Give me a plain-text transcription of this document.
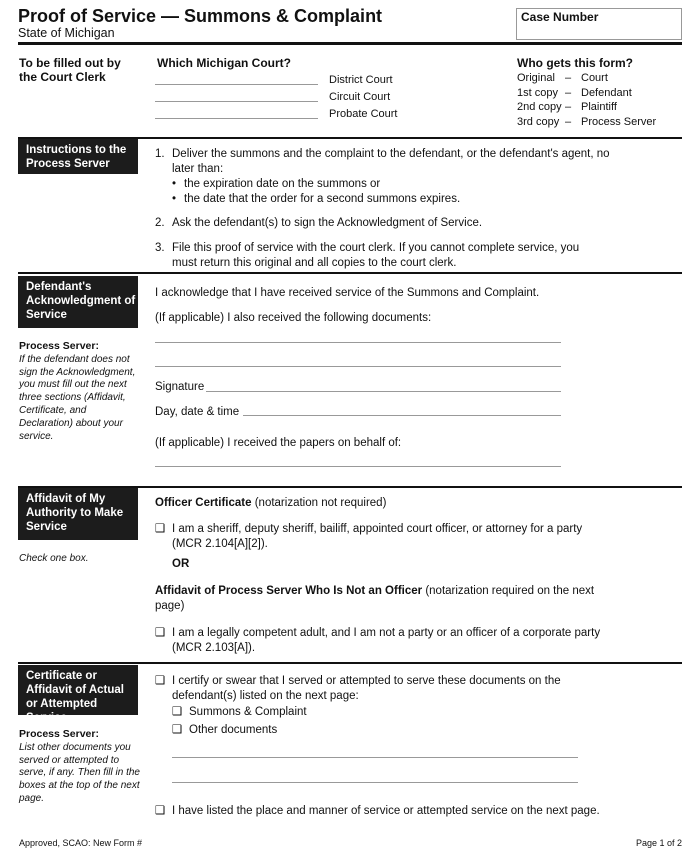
Proof of Service — Summons & Complaint
State of Michigan
Case Number
To be filled out by the Court Clerk
Which Michigan Court?
District Court
Circuit Court
Probate Court
Who gets this form?
Original	–	Court
1st copy	–	Defendant
2nd copy	–	Plaintiff
3rd copy	–	Process Server
Instructions to the Process Server
1. Deliver the summons and the complaint to the defendant, or the defendant's agent, no later than:
• the expiration date on the summons or
• the date that the order for a second summons expires.
2. Ask the defendant(s) to sign the Acknowledgment of Service.
3. File this proof of service with the court clerk. If you cannot complete service, you must return this original and all copies to the court clerk.
Defendant's Acknowledgment of Service
Process Server:
If the defendant does not sign the Acknowledgment, you must fill out the next three sections (Affidavit, Certificate, and Declaration) about your service.
I acknowledge that I have received service of the Summons and Complaint.
(If applicable) I also received the following documents:
Signature
Day, date & time
(If applicable) I received the papers on behalf of:
Affidavit of My Authority to Make Service
Check one box.
Officer Certificate (notarization not required)
❑ I am a sheriff, deputy sheriff, bailiff, appointed court officer, or attorney for a party (MCR 2.104[A][2]).
OR
Affidavit of Process Server Who Is Not an Officer (notarization required on the next page)
❑ I am a legally competent adult, and I am not a party or an officer of a corporate party (MCR 2.103[A]).
Certificate or Affidavit of Actual or Attempted Service
Process Server:
List other documents you served or attempted to serve, if any. Then fill in the boxes at the top of the next page.
❑ I certify or swear that I served or attempted to serve these documents on the defendant(s) listed on the next page:
❑ Summons & Complaint
❑ Other documents
❑ I have listed the place and manner of service or attempted service on the next page.
Approved, SCAO: New Form #	Page 1 of 2
